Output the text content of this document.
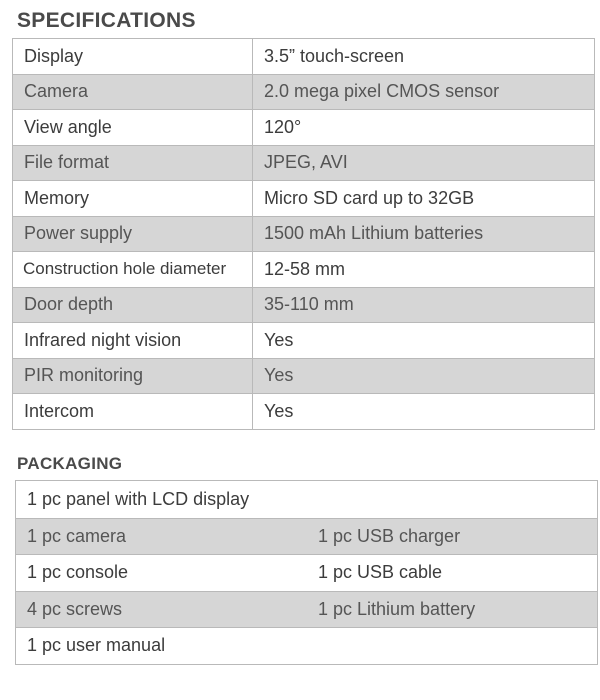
SPECIFICATIONS
Display	3.5” touch-screen
Camera	2.0 mega pixel CMOS sensor
View angle	120°
File format	JPEG, AVI
Memory	Micro SD card up to 32GB
Power supply	1500 mAh Lithium batteries
Construction hole diameter	12-58 mm
Door depth	35-110 mm
Infrared night vision	Yes
PIR monitoring	Yes
Intercom	Yes
PACKAGING
1 pc panel with LCD display
1 pc camera	1 pc USB charger
1 pc console	1 pc USB cable
4 pc screws	1 pc Lithium battery
1 pc user manual
